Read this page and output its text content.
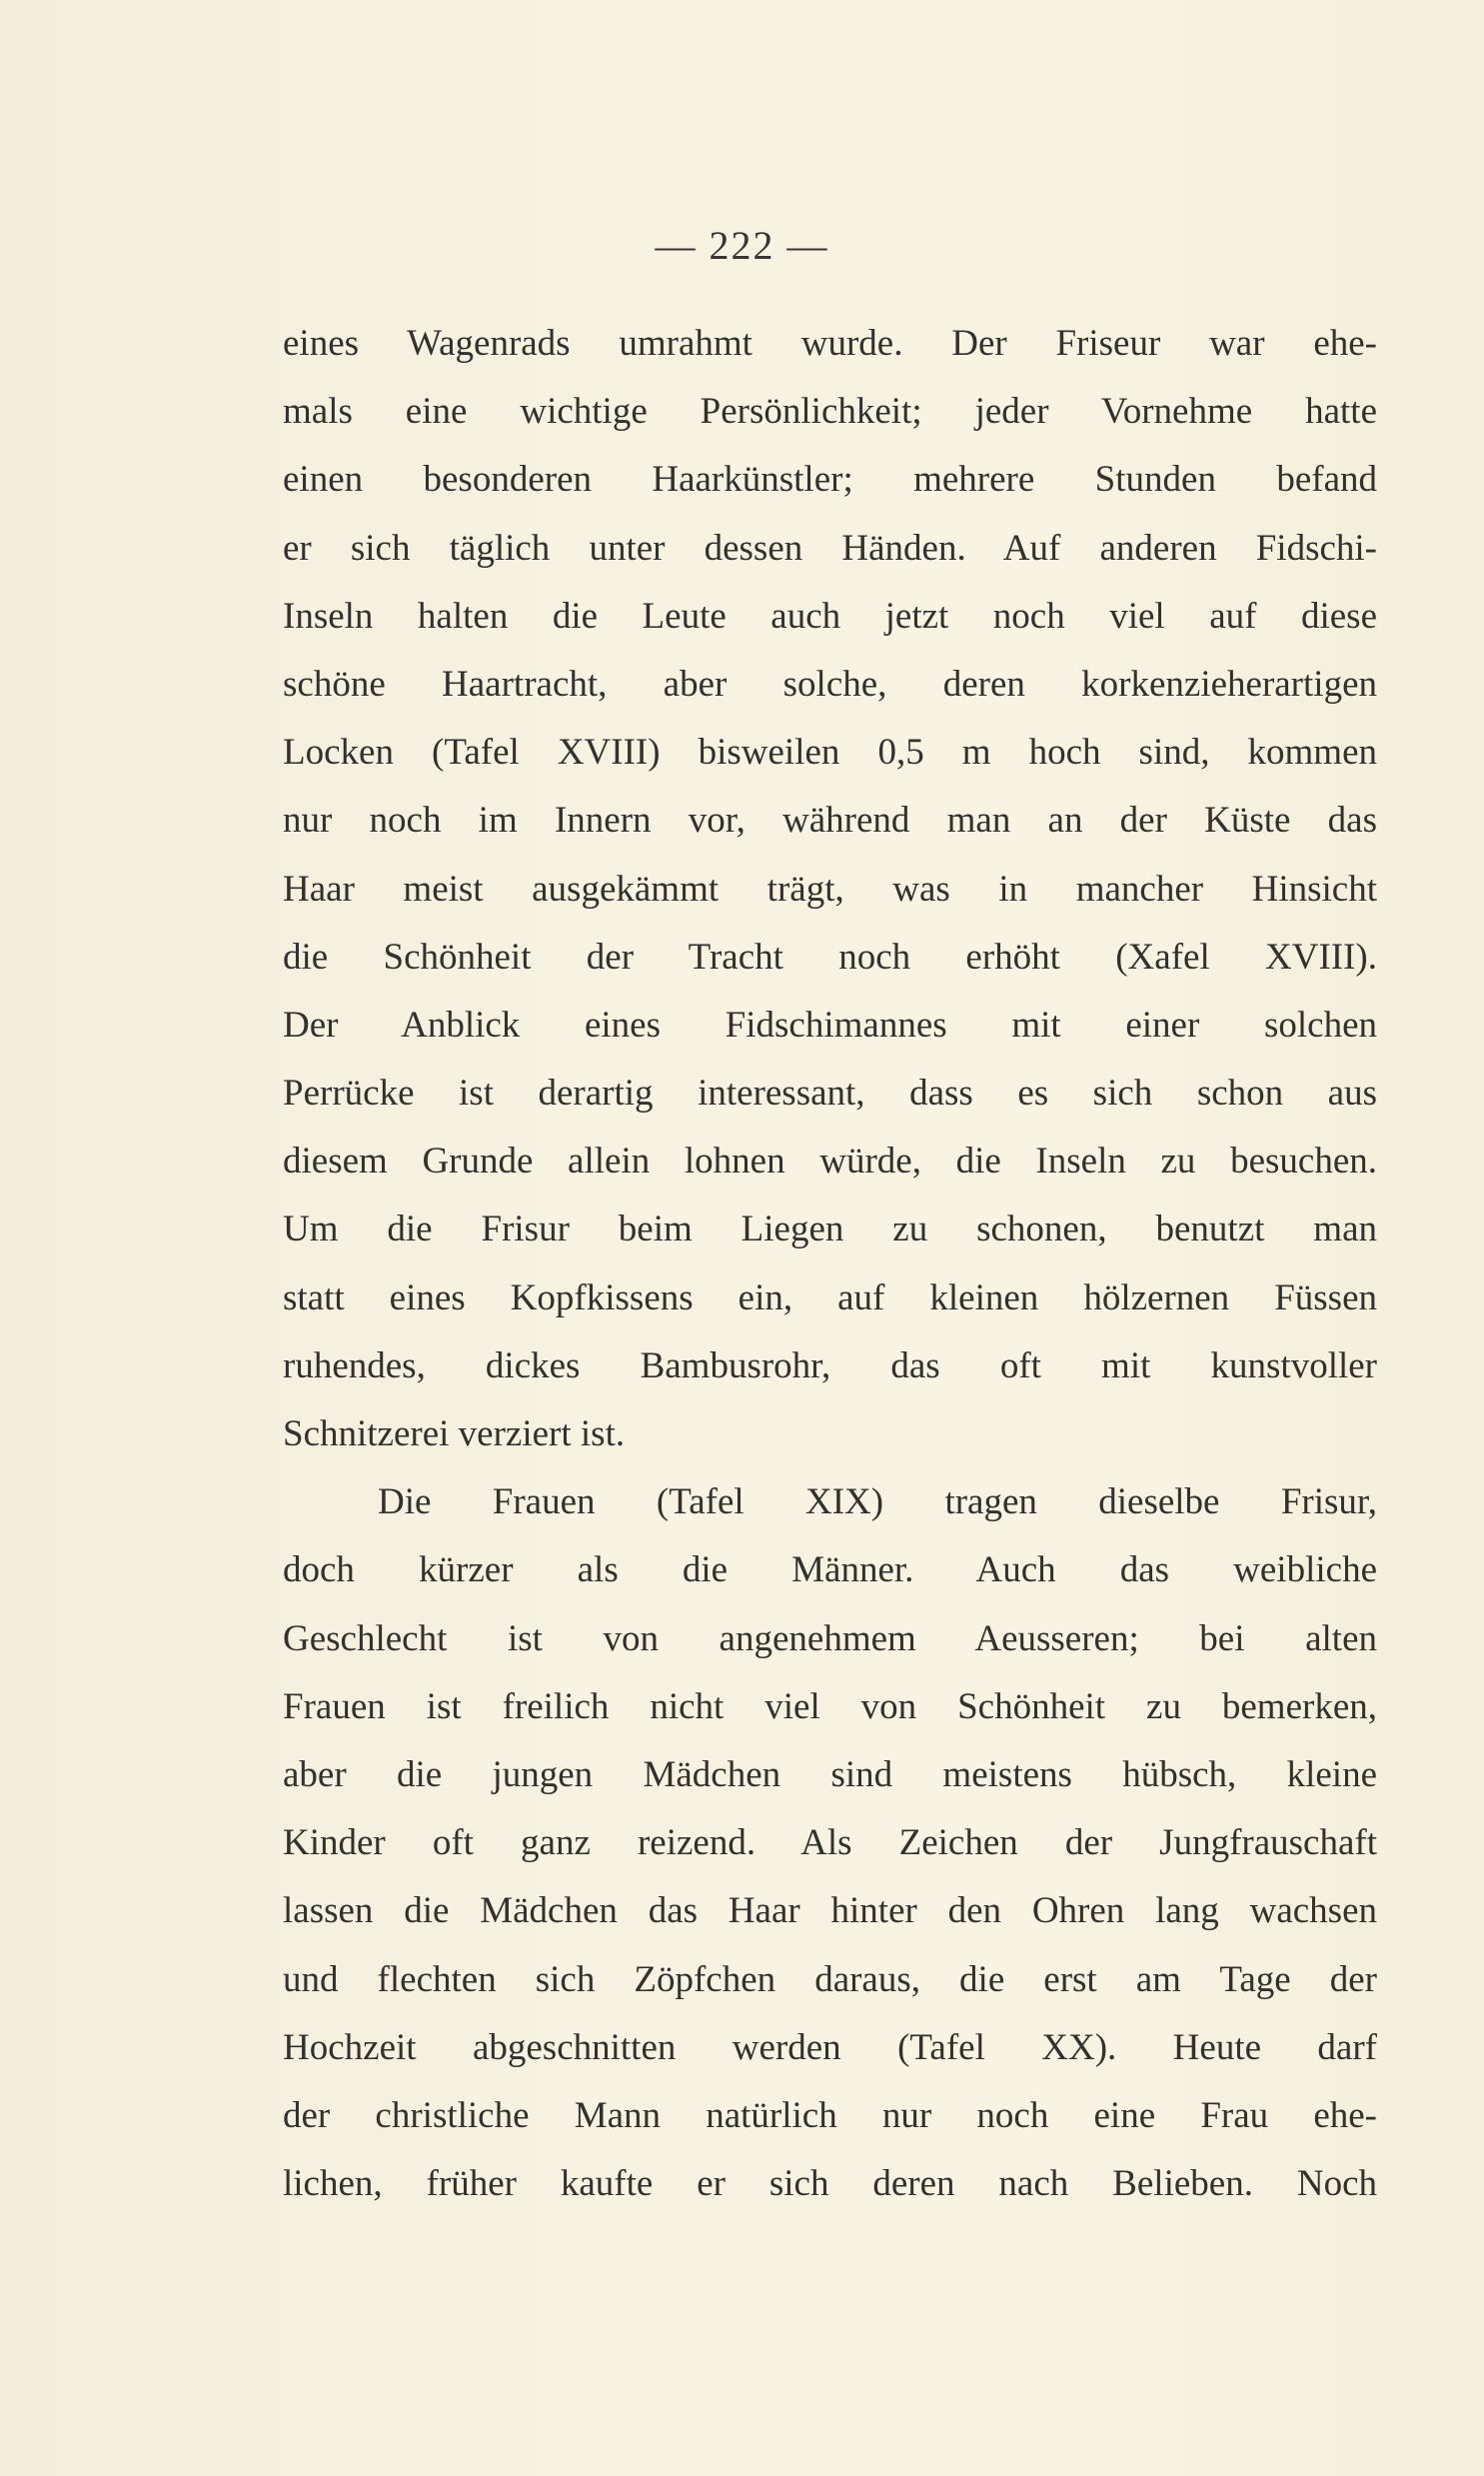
— 222 —
eines Wagenrads umrahmt wurde. Der Friseur war ehe-
mals eine wichtige Persönlichkeit; jeder Vornehme hatte
einen besonderen Haarkünstler; mehrere Stunden befand
er sich täglich unter dessen Händen. Auf anderen Fidschi-
Inseln halten die Leute auch jetzt noch viel auf diese
schöne Haartracht, aber solche, deren korkenzieherartigen
Locken (Tafel XVIII) bisweilen 0,5 m hoch sind, kommen
nur noch im Innern vor, während man an der Küste das
Haar meist ausgekämmt trägt, was in mancher Hinsicht
die Schönheit der Tracht noch erhöht (Xafel XVIII).
Der Anblick eines Fidschimannes mit einer solchen
Perrücke ist derartig interessant, dass es sich schon aus
diesem Grunde allein lohnen würde, die Inseln zu besuchen.
Um die Frisur beim Liegen zu schonen, benutzt man
statt eines Kopfkissens ein, auf kleinen hölzernen Füssen
ruhendes, dickes Bambusrohr, das oft mit kunstvoller
Schnitzerei verziert ist.
Die Frauen (Tafel XIX) tragen dieselbe Frisur,
doch kürzer als die Männer. Auch das weibliche
Geschlecht ist von angenehmem Aeusseren; bei alten
Frauen ist freilich nicht viel von Schönheit zu bemerken,
aber die jungen Mädchen sind meistens hübsch, kleine
Kinder oft ganz reizend. Als Zeichen der Jungfrauschaft
lassen die Mädchen das Haar hinter den Ohren lang wachsen
und flechten sich Zöpfchen daraus, die erst am Tage der
Hochzeit abgeschnitten werden (Tafel XX). Heute darf
der christliche Mann natürlich nur noch eine Frau ehe-
lichen, früher kaufte er sich deren nach Belieben. Noch
